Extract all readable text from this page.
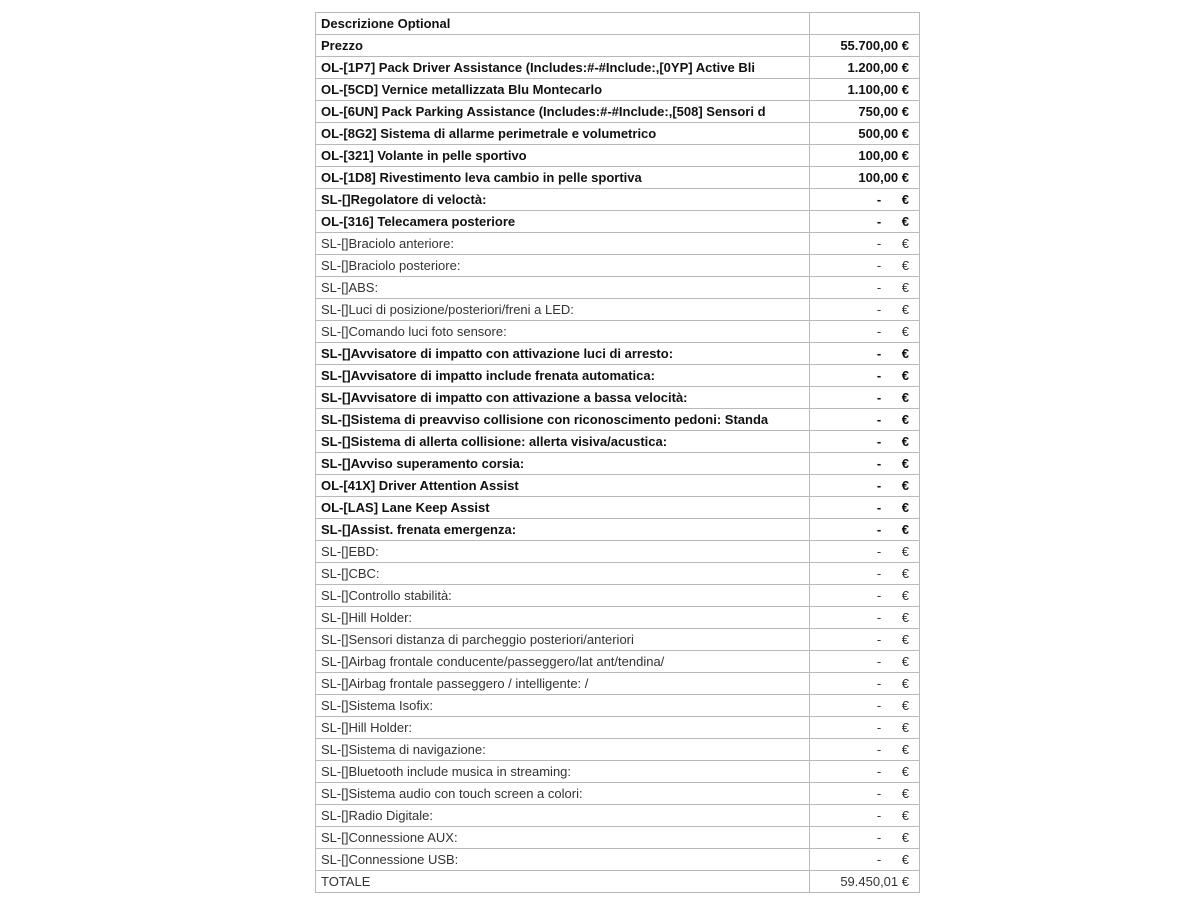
Descrizione Optional	
Prezzo	55.700,00 €
OL-[1P7] Pack Driver Assistance (Includes:#-#Include:,[0YP] Active Bli	1.200,00 €
OL-[5CD] Vernice metallizzata Blu Montecarlo	1.100,00 €
OL-[6UN] Pack Parking Assistance (Includes:#-#Include:,[508] Sensori d	750,00 €
OL-[8G2] Sistema di allarme perimetrale e volumetrico	500,00 €
OL-[321] Volante in pelle sportivo	100,00 €
OL-[1D8] Rivestimento leva cambio in pelle sportiva	100,00 €
SL-[]Regolatore di veloctà:	- €
OL-[316] Telecamera posteriore	- €
SL-[]Braciolo anteriore:	- €
SL-[]Braciolo posteriore:	- €
SL-[]ABS:	- €
SL-[]Luci di posizione/posteriori/freni a LED:	- €
SL-[]Comando luci foto sensore:	- €
SL-[]Avvisatore di impatto con attivazione luci di arresto:	- €
SL-[]Avvisatore di impatto include frenata automatica:	- €
SL-[]Avvisatore di impatto con attivazione a bassa velocità:	- €
SL-[]Sistema di preavviso collisione con riconoscimento pedoni: Standa	- €
SL-[]Sistema di allerta collisione: allerta visiva/acustica:	- €
SL-[]Avviso superamento corsia:	- €
OL-[41X] Driver Attention Assist	- €
OL-[LAS] Lane Keep Assist	- €
SL-[]Assist. frenata emergenza:	- €
SL-[]EBD:	- €
SL-[]CBC:	- €
SL-[]Controllo stabilità:	- €
SL-[]Hill Holder:	- €
SL-[]Sensori distanza di parcheggio posteriori/anteriori	- €
SL-[]Airbag frontale conducente/passeggero/lat ant/tendina/	- €
SL-[]Airbag frontale passeggero / intelligente: /	- €
SL-[]Sistema Isofix:	- €
SL-[]Hill Holder:	- €
SL-[]Sistema di navigazione:	- €
SL-[]Bluetooth include musica in streaming:	- €
SL-[]Sistema audio con touch screen a colori:	- €
SL-[]Radio Digitale:	- €
SL-[]Connessione AUX:	- €
SL-[]Connessione USB:	- €
TOTALE	59.450,01 €
